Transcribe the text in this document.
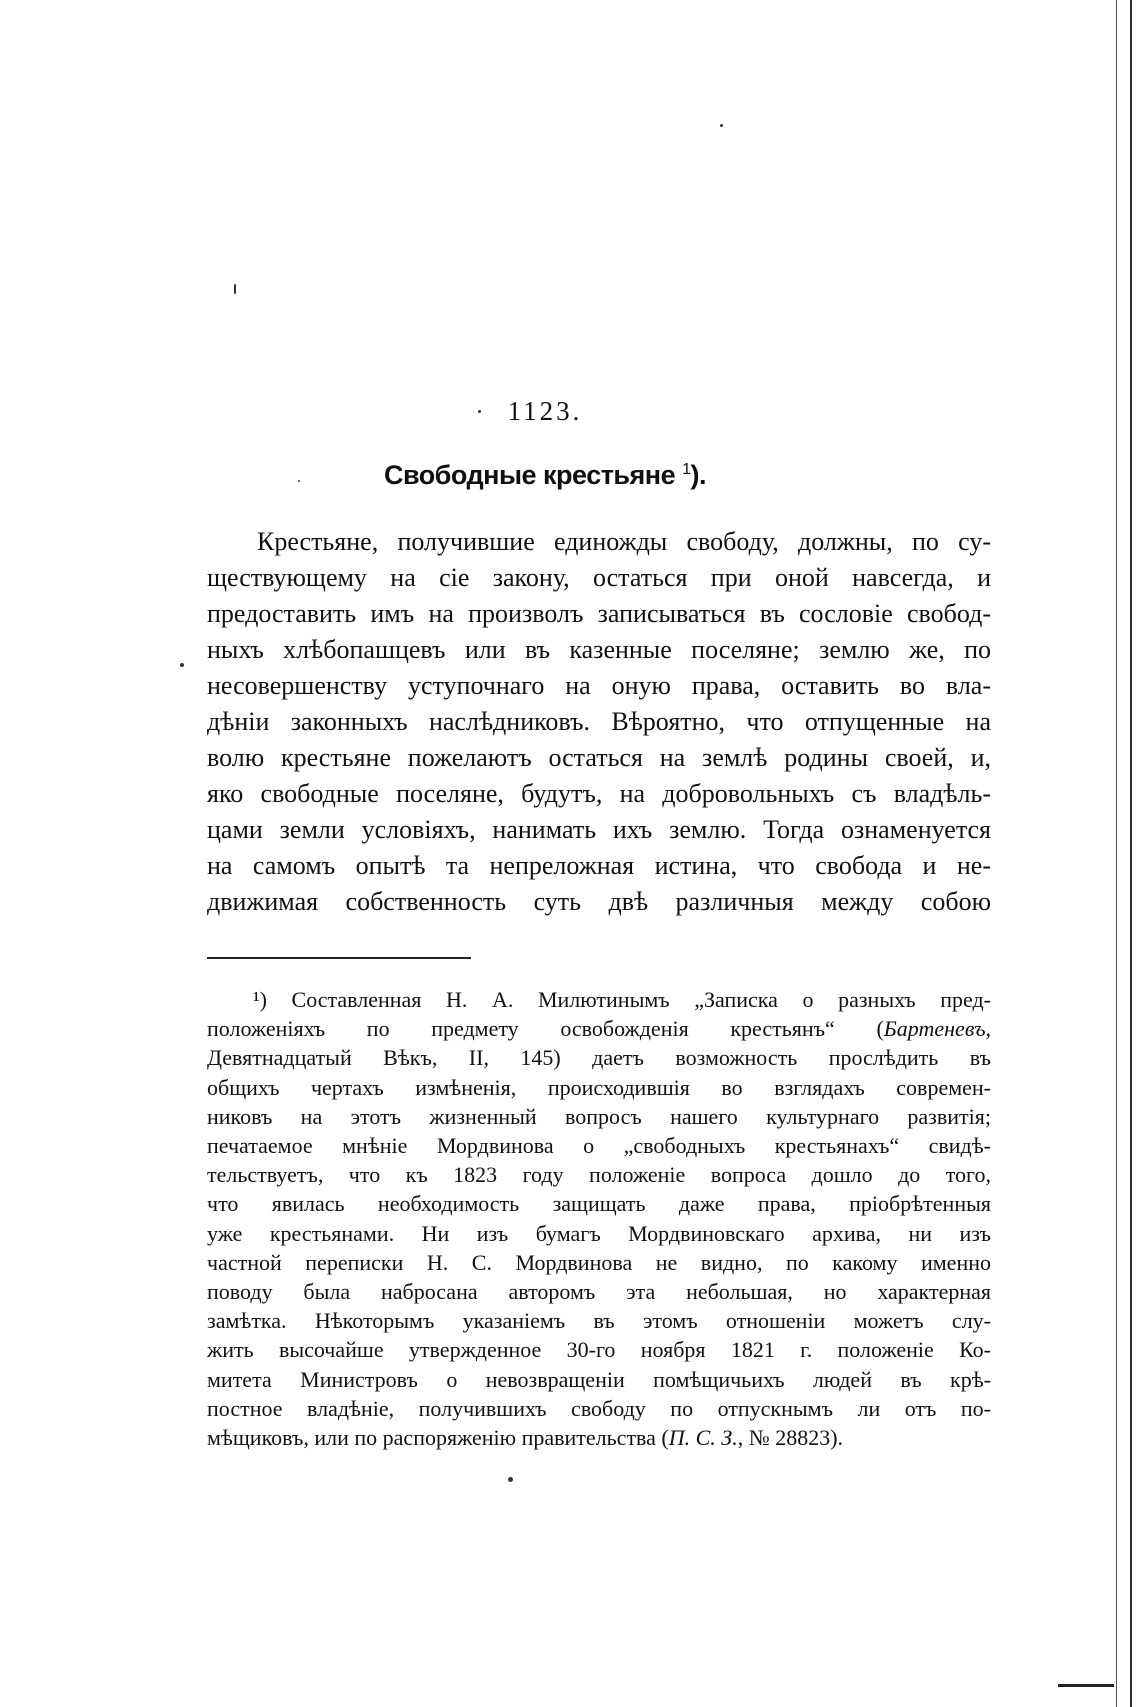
1123.
Свободные крестьяне $^1$).
Крестьяне, получившие единожды свободу, должны, по су-
ществующему на сіе закону, остаться при оной навсегда, и
предоставить имъ на произволъ записываться въ сословіе свобод-
ныхъ хлѣбопашцевъ или въ казенные поселяне; землю же, по
несовершенству уступочнаго на оную права, оставить во вла-
дѣніи законныхъ наслѣдниковъ. Вѣроятно, что отпущенные на
волю крестьяне пожелаютъ остаться на землѣ родины своей, и,
яко свободные поселяне, будутъ, на добровольныхъ съ владѣль-
цами земли условіяхъ, нанимать ихъ землю. Тогда ознаменуется
на самомъ опытѣ та непреложная истина, что свобода и не-
движимая собственность суть двѣ различныя между собою
¹) Составленная Н. А. Милютинымъ „Записка о разныхъ пред-
положеніяхъ по предмету освобожденія крестьянъ“ (Бартеневъ,
Девятнадцатый Вѣкъ, II, 145) даетъ возможность прослѣдить въ
общихъ чертахъ измѣненія, происходившія во взглядахъ современ-
никовъ на этотъ жизненный вопросъ нашего культурнаго развитія;
печатаемое мнѣніе Мордвинова о „свободныхъ крестьянахъ“ свидѣ-
тельствуетъ, что къ 1823 году положеніе вопроса дошло до того,
что явилась необходимость защищать даже права, пріобрѣтенныя
уже крестьянами. Ни изъ бумагъ Мордвиновскаго архива, ни изъ
частной переписки Н. С. Мордвинова не видно, по какому именно
поводу была набросана авторомъ эта небольшая, но характерная
замѣтка. Нѣкоторымъ указаніемъ въ этомъ отношеніи можетъ слу-
жить высочайше утвержденное 30-го ноября 1821 г. положеніе Ко-
митета Министровъ о невозвращеніи помѣщичьихъ людей въ крѣ-
постное владѣніе, получившихъ свободу по отпускнымъ ли отъ по-
мѣщиковъ, или по распоряженію правительства (П. С. З., № 28823).
